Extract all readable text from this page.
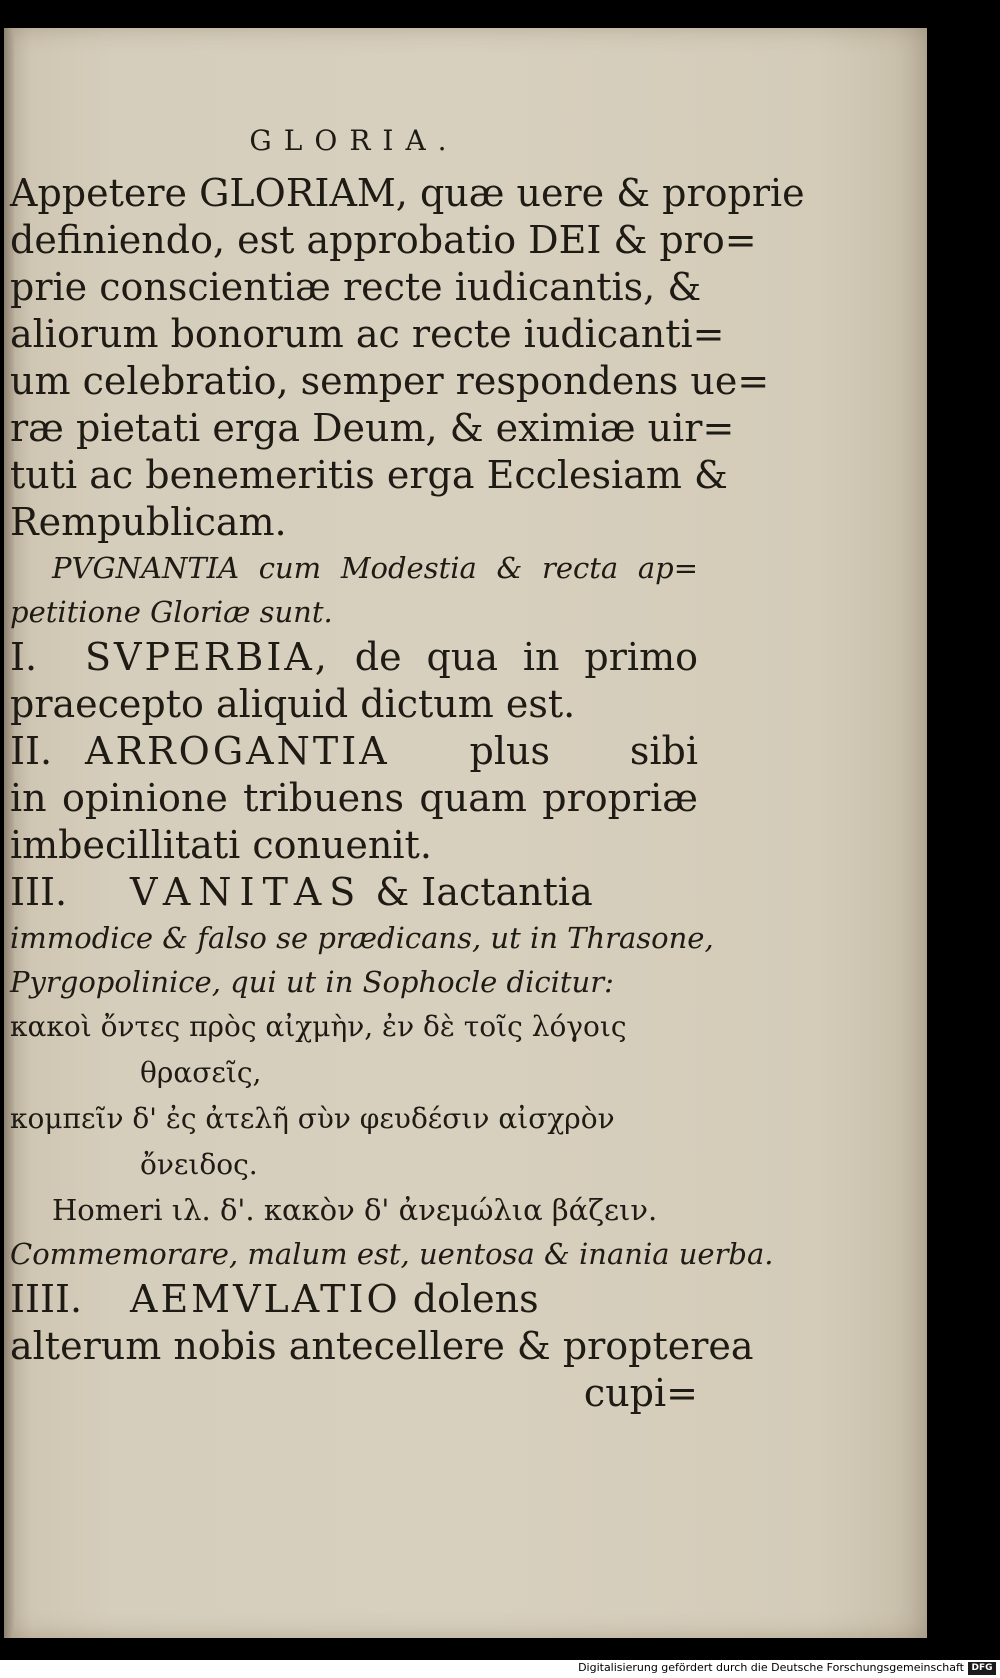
GLORIA.
Appetere GLORIAM, quæ uere & proprie
definiendo, est approbatio DEI & pro=
prie conscientiæ recte iudicantis, &
aliorum bonorum ac recte iudicanti=
um celebratio, semper respondens ue=
ræ pietati erga Deum, & eximiæ uir=
tuti ac benemeritis erga Ecclesiam &
Rempublicam.
PVGNANTIA cum Modestia & recta ap=
petitione Gloriæ sunt.
I. SVPERBIA, de qua in primo
praecepto aliquid dictum est.
II. ARROGANTIA plus sibi
in opinione tribuens quam propriæ
imbecillitati conuenit.
III. VANITAS & Iactantia
immodice & falso se prædicans, ut in Thrasone,
Pyrgopolinice, qui ut in Sophocle dicitur:
κακοὶ ὄντες πρὸς αἰχμὴν, ἐν δὲ τοῖς λόγοις
θρασεῖς,
κομπεῖν δ' ἐς ἀτελῆ σὺν φευδέσιν αἰσχρὸν
ὄνειδος.
Homeri ιλ. δ'. κακὸν δ' ἀνεμώλια βάζειν.
Commemorare, malum est, uentosa & inania uerba.
IIII. AEMVLATIO dolens
alterum nobis antecellere & propterea
cupi=
Digitalisierung gefördert durch die Deutsche Forschungsgemeinschaft DFG
